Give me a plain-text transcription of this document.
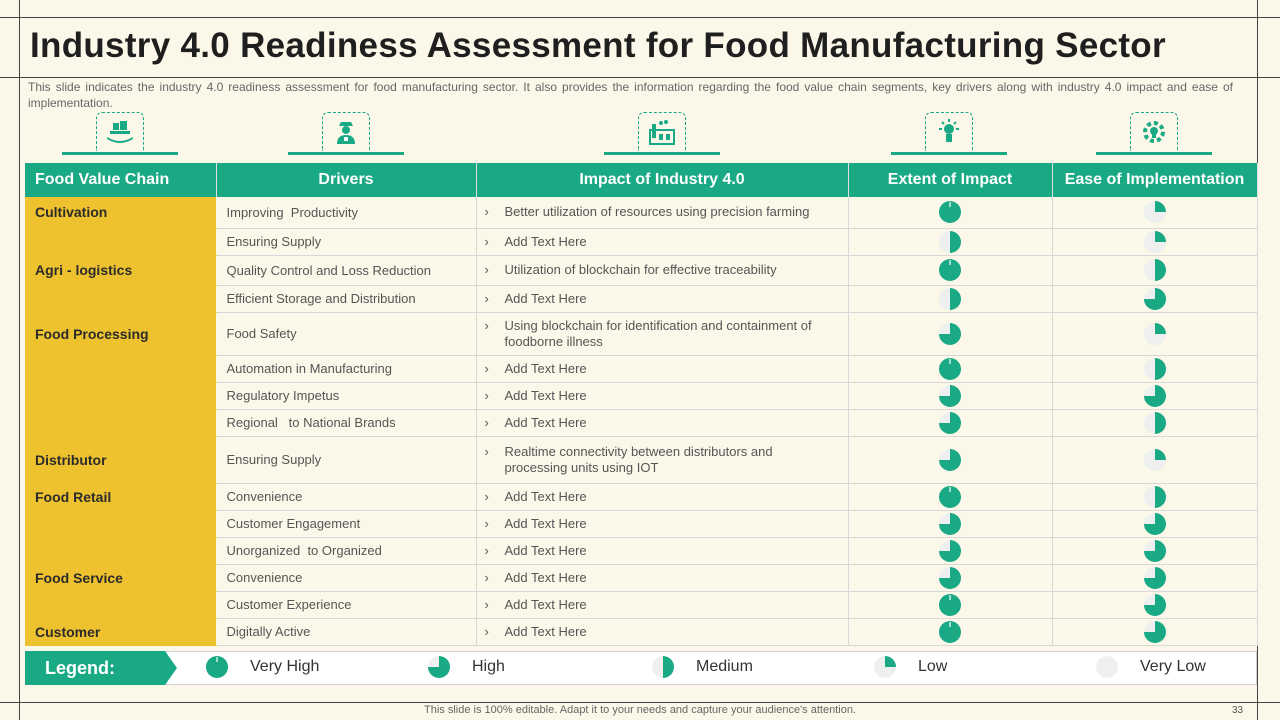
Industry 4.0 Readiness Assessment for Food Manufacturing Sector
This slide indicates the industry 4.0 readiness assessment for food manufacturing sector. It also provides the information regarding the food value chain segments, key drivers along with industry 4.0 impact and ease of implementation.
Food Value Chain	Drivers	Impact of Industry 4.0	Extent of Impact	Ease of Implementation
Cultivation	Improving  Productivity	› Better utilization of resources using precision farming

	Ensuring Supply	› Add Text Here

Agri - logistics	Quality Control and Loss Reduction	› Utilization of blockchain for effective traceability

	Efficient Storage and Distribution	› Add Text Here

Food Processing	Food Safety	› Using blockchain for identification and containment of foodborne illness

	Automation in Manufacturing	› Add Text Here

	Regulatory Impetus	› Add Text Here

	Regional   to National Brands	› Add Text Here

Distributor	Ensuring Supply	› Realtime connectivity between distributors and processing units using IOT

Food Retail	Convenience	› Add Text Here

	Customer Engagement	› Add Text Here

	Unorganized  to Organized	› Add Text Here

Food Service	Convenience	› Add Text Here

	Customer Experience	› Add Text Here

Customer	Digitally Active	› Add Text Here

Legend:	Very High	High	Medium	Low	Very Low
This slide is 100% editable. Adapt it to your needs and capture your audience's attention.	33
